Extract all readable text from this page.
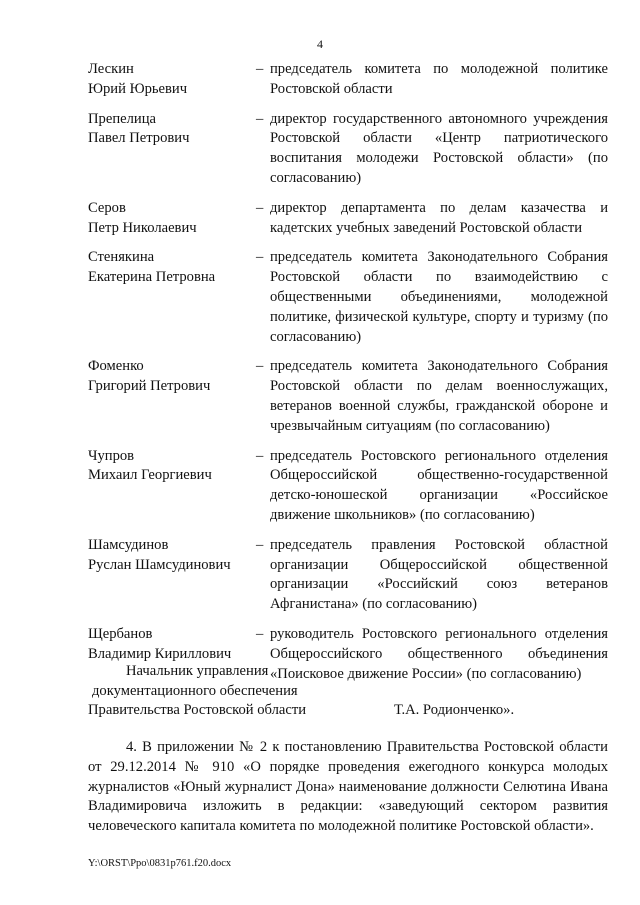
4
Лескин
Юрий Юрьевич
– председатель комитета по молодежной политике Ростовской области
Препелица
Павел Петрович
– директор государственного автономного учреждения Ростовской области «Центр патриотического воспитания молодежи Ростовской области» (по согласованию)
Серов
Петр Николаевич
– директор департамента по делам казачества и кадетских учебных заведений Ростовской области
Стенякина
Екатерина Петровна
– председатель комитета Законодательного Собрания Ростовской области по взаимодействию с общественными объединениями, молодежной политике, физической культуре, спорту и туризму (по согласованию)
Фоменко
Григорий Петрович
– председатель комитета Законодательного Собрания Ростовской области по делам военнослужащих, ветеранов военной службы, гражданской обороне и чрезвычайным ситуациям (по согласованию)
Чупров
Михаил Георгиевич
– председатель Ростовского регионального отделения Общероссийской общественно-государственной детско-юношеской организации «Российское движение школьников» (по согласованию)
Шамсудинов
Руслан Шамсудинович
– председатель правления Ростовской областной организации Общероссийской общественной организации «Российский союз ветеранов Афганистана» (по согласованию)
Щербанов
Владимир Кириллович
– руководитель Ростовского регионального отделения Общероссийского общественного объединения «Поисковое движение России» (по согласованию)
Начальник управления
документационного обеспечения
Правительства Ростовской области	Т.А. Родионченко».
4. В приложении № 2 к постановлению Правительства Ростовской области от 29.12.2014 № 910 «О порядке проведения ежегодного конкурса молодых журналистов «Юный журналист Дона» наименование должности Селютина Ивана Владимировича изложить в редакции: «заведующий сектором развития человеческого капитала комитета по молодежной политике Ростовской области».
Y:\ORST\Ppo\0831p761.f20.docx
